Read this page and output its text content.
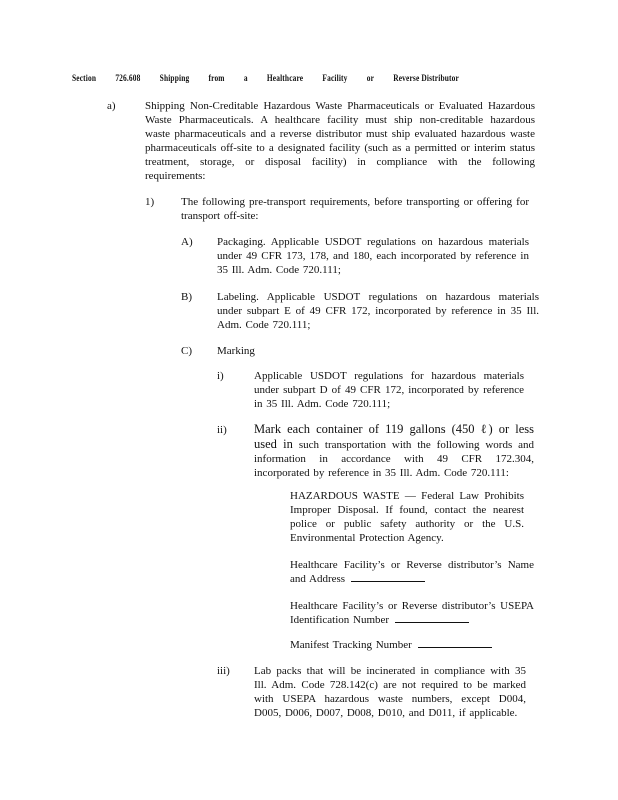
Section 726.608 Shipping from a Healthcare Facility or Reverse Distributor
a)	Shipping Non-Creditable Hazardous Waste Pharmaceuticals or Evaluated Hazardous Waste Pharmaceuticals. A healthcare facility must ship non-creditable hazardous waste pharmaceuticals and a reverse distributor must ship evaluated hazardous waste pharmaceuticals off-site to a designated facility (such as a permitted or interim status treatment, storage, or disposal facility) in compliance with the following requirements:
1) The following pre-transport requirements, before transporting or offering for transport off-site:
A) Packaging. Applicable USDOT regulations on hazardous materials under 49 CFR 173, 178, and 180, each incorporated by reference in 35 Ill. Adm. Code 720.111;
B) Labeling. Applicable USDOT regulations on hazardous materials under subpart E of 49 CFR 172, incorporated by reference in 35 Ill. Adm. Code 720.111;
C) Marking
i)	Applicable USDOT regulations for hazardous materials under subpart D of 49 CFR 172, incorporated by reference in 35 Ill. Adm. Code 720.111;
ii) Mark each container of 119 gallons (450 ℓ) or less used in such transportation with the following words and information in accordance with 49 CFR 172.304, incorporated by reference in 35 Ill. Adm. Code 720.111:
HAZARDOUS WASTE — Federal Law Prohibits Improper Disposal. If found, contact the nearest police or public safety authority or the U.S. Environmental Protection Agency.
Healthcare Facility’s or Reverse distributor’s Name and Address
Healthcare Facility’s or Reverse distributor’s USEPA Identification Number
Manifest Tracking Number
iii) Lab packs that will be incinerated in compliance with 35 Ill. Adm. Code 728.142(c) are not required to be marked with USEPA hazardous waste numbers, except D004, D005, D006, D007, D008, D010, and D011, if applicable.
